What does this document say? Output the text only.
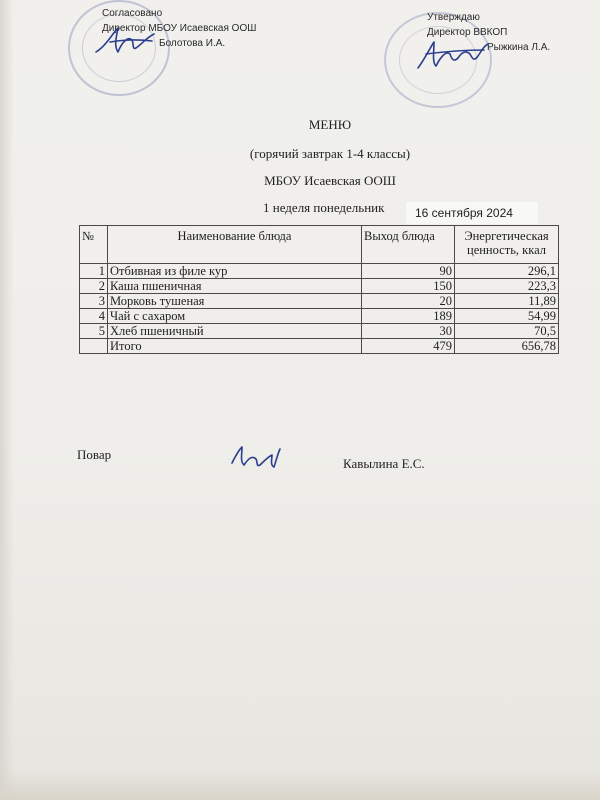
Согласовано
Директор МБОУ Исаевская ООШ
Болотова И.А.
Утверждаю
Директор ВВКОП
Рыжкина Л.А.
МЕНЮ
(горячий завтрак 1-4 классы)
МБОУ Исаевская ООШ
1 неделя понедельник	16 сентября 2024
№	Наименование блюда	Выход блюда	Энергетическая
ценность, ккал
1	Отбивная из филе кур	90	296,1
2	Каша пшеничная	150	223,3
3	Морковь тушеная	20	11,89
4	Чай с сахаром	189	54,99
5	Хлеб пшеничный	30	70,5
	Итого	479	656,78
Повар
Кавылина Е.С.
